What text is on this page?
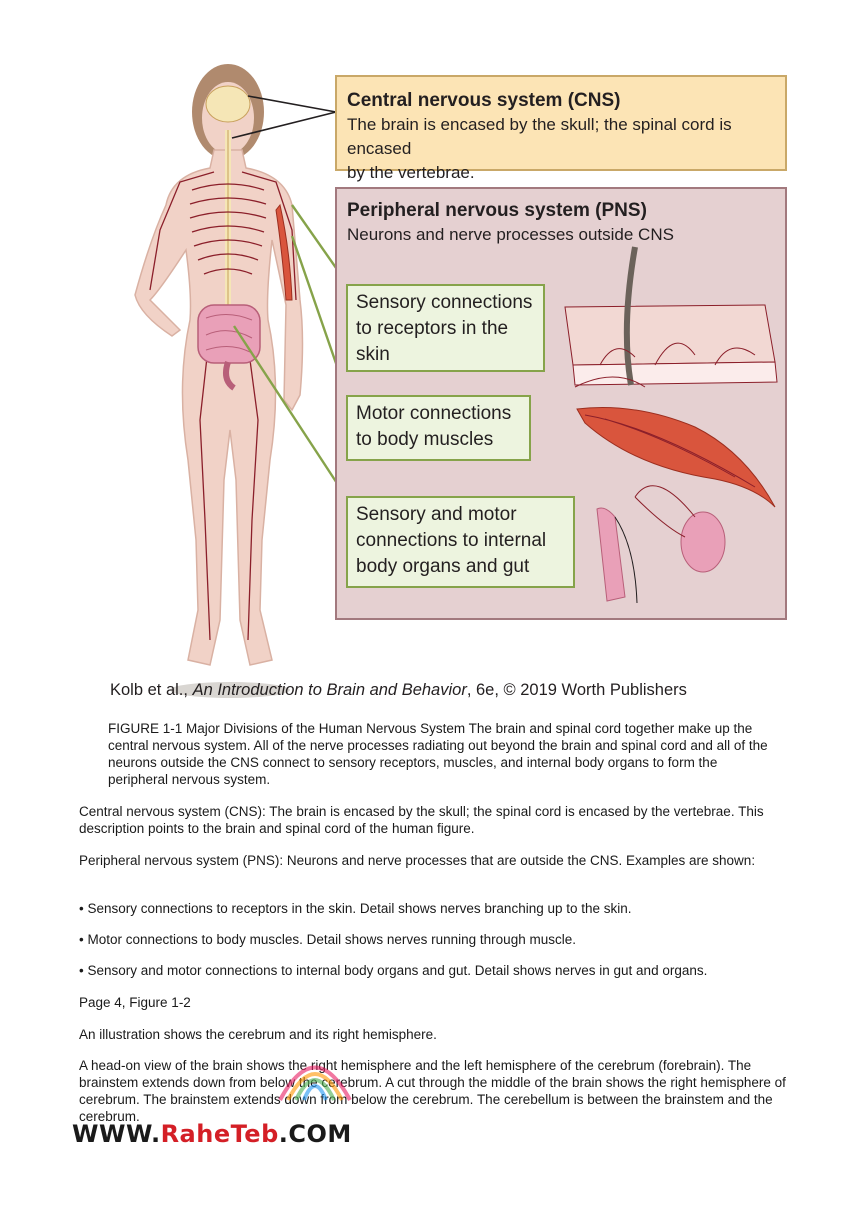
Central nervous system (CNS)
The brain is encased by the skull; the spinal cord is encased
by the vertebrae.
Peripheral nervous system (PNS)
Neurons and nerve processes outside CNS
Sensory connections
to receptors in the
skin
Motor connections
to body muscles
Sensory and motor
connections to internal
body organs and gut
Kolb et al., An Introduction to Brain and Behavior, 6e, © 2019 Worth Publishers
FIGURE 1-1 Major Divisions of the Human Nervous System The brain and spinal cord together make up the central nervous system. All of the nerve processes radiating out beyond the brain and spinal cord and all of the neurons outside the CNS connect to sensory receptors, muscles, and internal body organs to form the peripheral nervous system.
Central nervous system (CNS): The brain is encased by the skull; the spinal cord is encased by the vertebrae. This description points to the brain and spinal cord of the human figure.
Peripheral nervous system (PNS): Neurons and nerve processes that are outside the CNS. Examples are shown:
• Sensory connections to receptors in the skin. Detail shows nerves branching up to the skin.
• Motor connections to body muscles. Detail shows nerves running through muscle.
• Sensory and motor connections to internal body organs and gut. Detail shows nerves in gut and organs.
Page 4, Figure 1-2
An illustration shows the cerebrum and its right hemisphere.
A head-on view of the brain shows the right hemisphere and the left hemisphere of the cerebrum (forebrain). The brainstem extends down from below the cerebrum. A cut through the middle of the brain shows the right hemisphere of cerebrum. The brainstem extends down from below the cerebrum. The cerebellum is between the brainstem and the cerebrum.
WWW.RaheTeb.COM
